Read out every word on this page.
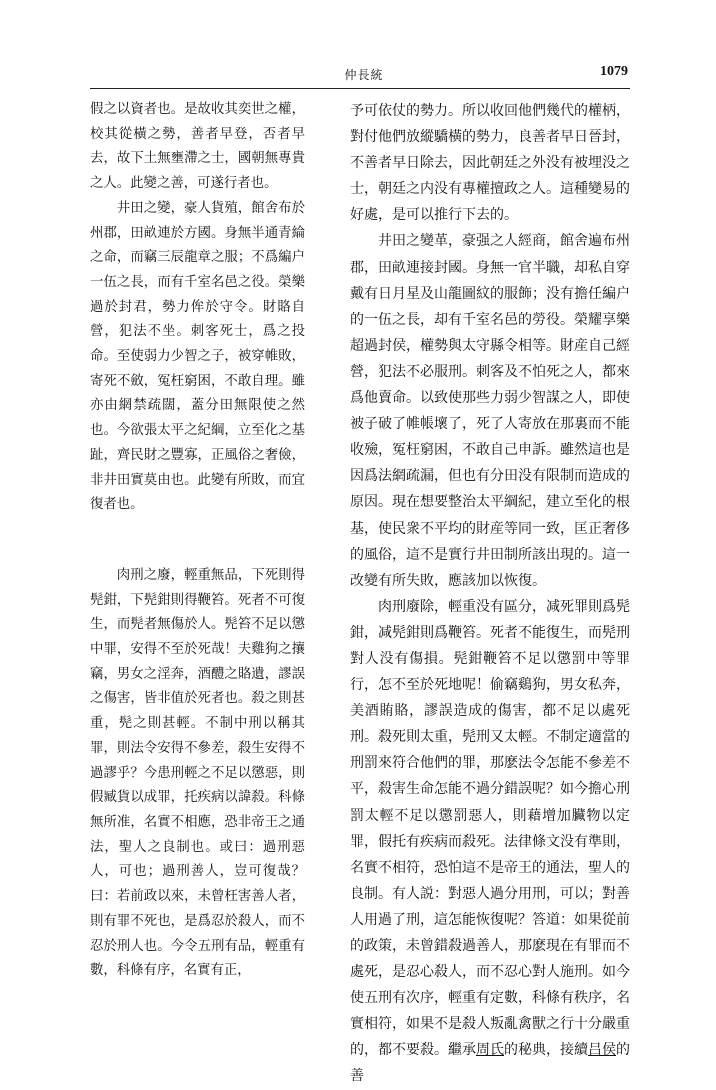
仲長統	1079

假之以資者也。是故收其奕世之權，校其從橫之勢，善者早登，否者早去，故下土無壅滯之士，國朝無專貴之人。此變之善，可遂行者也。

井田之變，豪人貨殖，館舍布於州郡，田畝連於方國。身無半通青綸之命，而竊三辰龍章之服；不爲編户一伍之長，而有千室名邑之役。榮樂過於封君，勢力侔於守令。財賂自營，犯法不坐。刺客死士，爲之投命。至使弱力少智之子，被穿帷敗，寄死不斂，冤枉窮困，不敢自理。雖亦由網禁疏闊，蓋分田無限使之然也。今欲張太平之紀綱，立至化之基趾，齊民財之豐寡，正風俗之奢儉，非井田實莫由也。此變有所敗，而宜復者也。

肉刑之廢，輕重無品，下死則得髡鉗，下髡鉗則得鞭笞。死者不可復生，而髡者無傷於人。髡笞不足以懲中罪，安得不至於死哉！夫雞狗之攘竊，男女之淫奔，酒醴之賂遺，謬誤之傷害，皆非值於死者也。殺之則甚重，髡之則甚輕。不制中刑以稱其罪，則法令安得不參差，殺生安得不過謬乎？今患刑輕之不足以懲惡，則假臧貨以成罪，托疾病以諱殺。科條無所准，名實不相應，恐非帝王之通法，聖人之良制也。或曰：過刑惡人，可也；過刑善人，豈可復哉？曰：若前政以來，未曾枉害善人者，則有罪不死也，是爲忍於殺人，而不忍於刑人也。今令五刑有品，輕重有數，科條有序，名實有正，

予可依仗的勢力。所以收回他們幾代的權柄，對付他們放縱驕橫的勢力，良善者早日晉封，不善者早日除去，因此朝廷之外没有被埋没之士，朝廷之内没有專權擅政之人。這種變易的好處，是可以推行下去的。

井田之變革，豪强之人經商，館舍遍布州郡，田畝連接封國。身無一官半職，却私自穿戴有日月星及山龍圖紋的服飾；没有擔任編户的一伍之長，却有千室名邑的勞役。榮耀享樂超過封侯，權勢與太守縣令相等。財産自己經營，犯法不必服刑。刺客及不怕死之人，都來爲他賣命。以致使那些力弱少智謀之人，即使被子破了帷帳壞了，死了人寄放在那裏而不能收殮，冤枉窮困，不敢自己申訴。雖然這也是因爲法網疏漏，但也有分田没有限制而造成的原因。現在想要整治太平綱紀，建立至化的根基，使民衆不平均的財産等同一致，匡正奢侈的風俗，這不是實行井田制所該出現的。這一改變有所失敗，應該加以恢復。

肉刑廢除，輕重没有區分，减死罪則爲髡鉗，减髡鉗則爲鞭笞。死者不能復生，而髡刑對人没有傷損。髡鉗鞭笞不足以懲罰中等罪行，怎不至於死地呢！偷竊鷄狗，男女私奔，美酒賄賂，謬誤造成的傷害，都不足以處死刑。殺死則太重，髡刑又太輕。不制定適當的刑罰來符合他們的罪，那麽法令怎能不參差不平，殺害生命怎能不過分錯誤呢？如今擔心刑罰太輕不足以懲罰惡人，則藉增加臟物以定罪，假托有疾病而殺死。法律條文没有準則，名實不相符，恐怕這不是帝王的通法，聖人的良制。有人説：對惡人過分用刑，可以；對善人用過了刑，這怎能恢復呢？答道：如果從前的政策，未曾錯殺過善人，那麽現在有罪而不處死，是忍心殺人，而不忍心對人施刑。如今使五刑有次序，輕重有定數，科條有秩序，名實相符，如果不是殺人叛亂禽獸之行十分嚴重的，都不要殺。繼承周氏的秘典，接續吕侯的善
